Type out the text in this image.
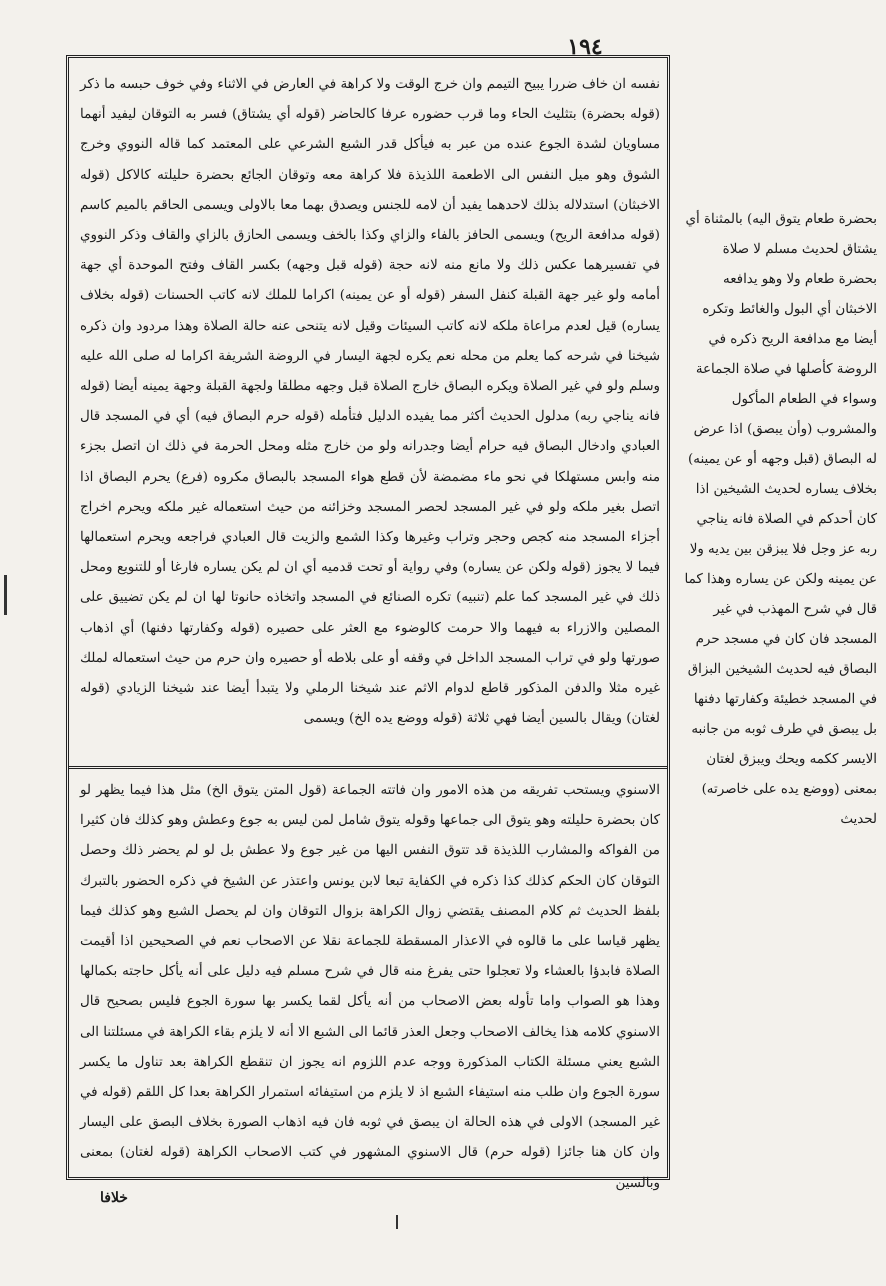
١٩٤
نفسه ان خاف ضررا يبيح التيمم وان خرج الوقت ولا كراهة في العارض في الاثناء وفي خوف حبسه ما ذكر (قوله بحضرة) بتثليث الحاء وما قرب حضوره عرفا كالحاضر (قوله أي يشتاق) فسر به التوقان ليفيد أنهما مساويان لشدة الجوع عنده من عبر به فيأكل قدر الشبع الشرعي على المعتمد كما قاله النووي وخرج الشوق وهو ميل النفس الى الاطعمة اللذيذة فلا كراهة معه وتوقان الجائع بحضرة حليلته كالاكل (قوله الاخبثان) استدلاله بذلك لاحدهما يفيد أن لامه للجنس ويصدق بهما معا بالاولى ويسمى الحاقم بالميم كاسم (قوله مدافعة الريح) ويسمى الحافز بالفاء والزاي وكذا بالخف ويسمى الحازق بالزاي والقاف وذكر النووي في تفسيرهما عكس ذلك ولا مانع منه لانه حجة (قوله قبل وجهه) بكسر القاف وفتح الموحدة أي جهة أمامه ولو غير جهة القبلة كنفل السفر (قوله أو عن يمينه) اكراما للملك لانه كاتب الحسنات (قوله بخلاف يساره) قيل لعدم مراعاة ملكه لانه كاتب السيئات وقيل لانه يتنحى عنه حالة الصلاة وهذا مردود وان ذكره شيخنا في شرحه كما يعلم من محله نعم يكره لجهة اليسار في الروضة الشريفة اكراما له صلى الله عليه وسلم ولو في غير الصلاة ويكره البصاق خارج الصلاة قبل وجهه مطلقا ولجهة القبلة وجهة يمينه أيضا (قوله فانه يناجي ربه) مدلول الحديث أكثر مما يفيده الدليل فتأمله (قوله حرم البصاق فيه) أي في المسجد قال العبادي وادخال البصاق فيه حرام أيضا وجدرانه ولو من خارج مثله ومحل الحرمة في ذلك ان اتصل بجزء منه وابس مستهلكا في نحو ماء مضمضة لأن قطع هواء المسجد بالبصاق مكروه (فرع) يحرم البصاق اذا اتصل بغير ملكه ولو في غير المسجد لحصر المسجد وخزائنه من حيث استعماله غير ملكه ويحرم اخراج أجزاء المسجد منه كجص وحجر وتراب وغيرها وكذا الشمع والزيت قال العبادي فراجعه ويحرم استعمالها فيما لا يجوز (قوله ولكن عن يساره) وفي رواية أو تحت قدميه أي ان لم يكن يساره فارغا أو للتنويع ومحل ذلك في غير المسجد كما علم (تنبيه) تكره الصنائع في المسجد واتخاذه حانوتا لها ان لم يكن تضييق على المصلين والازراء به فيهما والا حرمت كالوضوء مع العثر على حصيره (قوله وكفارتها دفنها) أي اذهاب صورتها ولو في تراب المسجد الداخل في وقفه أو على بلاطه أو حصيره وان حرم من حيث استعماله لملك غيره مثلا والدفن المذكور قاطع لدوام الاثم عند شيخنا الرملي ولا يتبدأ أيضا عند شيخنا الزيادي (قوله لغتان) ويقال بالسين أيضا فهي ثلاثة (قوله ووضع يده الخ) ويسمى
الاسنوي ويستحب تفريقه من هذه الامور وان فاتته الجماعة (قول المتن يتوق الخ) مثل هذا فيما يظهر لو كان بحضرة حليلته وهو يتوق الى جماعها وقوله يتوق شامل لمن ليس به جوع وعطش وهو كذلك فان كثيرا من الفواكه والمشارب اللذيذة قد تتوق النفس اليها من غير جوع ولا عطش بل لو لم يحضر ذلك وحصل التوقان كان الحكم كذلك كذا ذكره في الكفاية تبعا لابن يونس واعتذر عن الشيخ في ذكره الحضور بالتبرك بلفظ الحديث ثم كلام المصنف يقتضي زوال الكراهة بزوال التوقان وان لم يحصل الشبع وهو كذلك فيما يظهر قياسا على ما قالوه في الاعذار المسقطة للجماعة نقلا عن الاصحاب نعم في الصحيحين اذا أقيمت الصلاة فابدؤا بالعشاء ولا تعجلوا حتى يفرغ منه قال في شرح مسلم فيه دليل على أنه يأكل حاجته بكمالها وهذا هو الصواب واما تأوله بعض الاصحاب من أنه يأكل لقما يكسر بها سورة الجوع فليس بصحيح قال الاسنوي كلامه هذا يخالف الاصحاب وجعل العذر قائما الى الشبع الا أنه لا يلزم بقاء الكراهة في مسئلتنا الى الشبع يعني مسئلة الكتاب المذكورة ووجه عدم اللزوم انه يجوز ان تنقطع الكراهة بعد تناول ما يكسر سورة الجوع وان طلب منه استيفاء الشبع اذ لا يلزم من استيفائه استمرار الكراهة بعدا كل اللقم (قوله في غير المسجد) الاولى في هذه الحالة ان يبصق في ثوبه فان فيه اذهاب الصورة بخلاف البصق على اليسار وان كان هنا جائزا (قوله حرم) قال الاسنوي المشهور في كتب الاصحاب الكراهة (قوله لغتان) بمعنى وبالسين
بحضرة طعام يتوق اليه) بالمثناة أي يشتاق لحديث مسلم لا صلاة بحضرة طعام ولا وهو يدافعه الاخبثان أي البول والغائط وتكره أيضا مع مدافعة الريح ذكره في الروضة كأصلها في صلاة الجماعة وسواء في الطعام المأكول والمشروب (وأن يبصق) اذا عرض له البصاق (قبل وجهه أو عن يمينه) بخلاف يساره لحديث الشيخين اذا كان أحدكم في الصلاة فانه يناجي ربه عز وجل فلا يبزقن بين يديه ولا عن يمينه ولكن عن يساره وهذا كما قال في شرح المهذب في غير المسجد فان كان في مسجد حرم البصاق فيه لحديث الشيخين البزاق في المسجد خطيئة وكفارتها دفنها بل يبصق في طرف ثوبه من جانبه الايسر ككمه ويحك ويبزق لغتان بمعنى (ووضع يده على خاصرته) لحديث
خلافا
